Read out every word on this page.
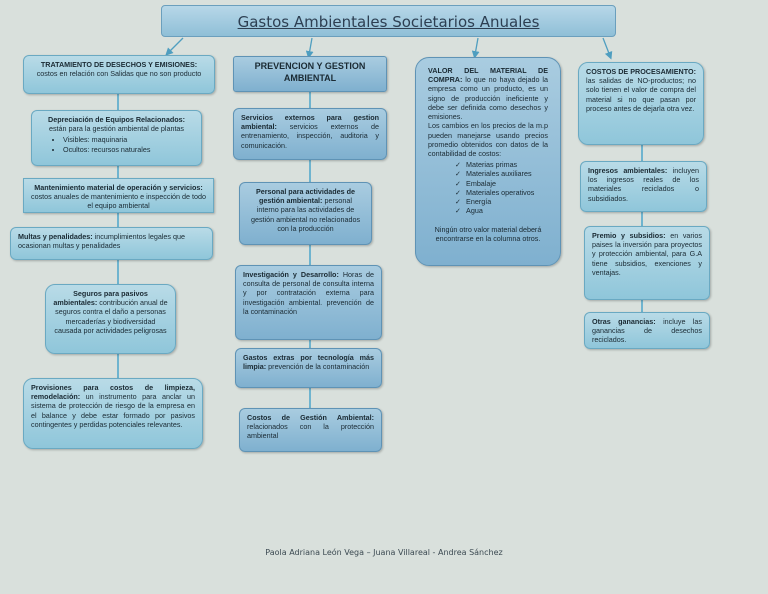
Gastos Ambientales Societarios Anuales
TRATAMIENTO DE DESECHOS Y EMISIONES:
costos en relación con Salidas que no son producto
Depreciación de Equipos Relacionados:
están para la gestión ambiental de plantas
• Visibles: maquinaria
• Ocultos: recursos naturales
Mantenimiento material de operación y servicios: costos anuales de mantenimiento e inspección de todo el equipo ambiental
Multas y penalidades: incumplimientos legales que ocasionan multas y penalidades
Seguros para pasivos ambientales: contribución anual de seguros contra el daño a personas mercaderías y biodiversidad causada por actividades peligrosas
Provisiones para costos de limpieza, remodelación: un instrumento para anclar un sistema de protección de riesgo de la empresa en el balance y debe estar formado por pasivos contingentes y perdidas potenciales relevantes.
PREVENCION Y GESTION AMBIENTAL
Servicios externos para gestion ambiental: servicios externos de entrenamiento, inspección, auditoria y comunicación.
Personal para actividades de gestión ambiental: personal interno para las actividades de gestión ambiental no relacionados con la producción
Investigación y Desarrollo: Horas de consulta de personal de consulta interna y por contratación externa para investigación ambiental. prevención de la contaminación
Gastos extras por tecnología más limpia: prevención de la contaminación
Costos de Gestión Ambiental: relacionados con la protección ambiental
VALOR DEL MATERIAL DE COMPRA: lo que no haya dejado la empresa como un producto, es un signo de producción ineficiente y debe ser definida como desechos y emisiones.
Los cambios en los precios de la m.p pueden manejarse usando precios promedio obtenidos con datos de la contabilidad de costos:
✓ Materias primas
✓ Materiales auxiliares
✓ Embalaje
✓ Materiales operativos
✓ Energía
✓ Agua
Ningún otro valor material deberá encontrarse en la columna otros.
COSTOS DE PROCESAMIENTO: las salidas de NO-productos; no solo tienen el valor de compra del material si no que pasan por proceso antes de dejarla otra vez.
Ingresos ambientales: incluyen los ingresos reales de los materiales reciclados o subsidiados.
Premio y subsidios: en varios paises la inversión para proyectos y protección ambiental, para G.A tiene subsidios, exenciones y ventajas.
Otras ganancias: incluye las ganancias de desechos reciclados.
Paola Adriana León Vega – Juana Villareal - Andrea Sánchez
